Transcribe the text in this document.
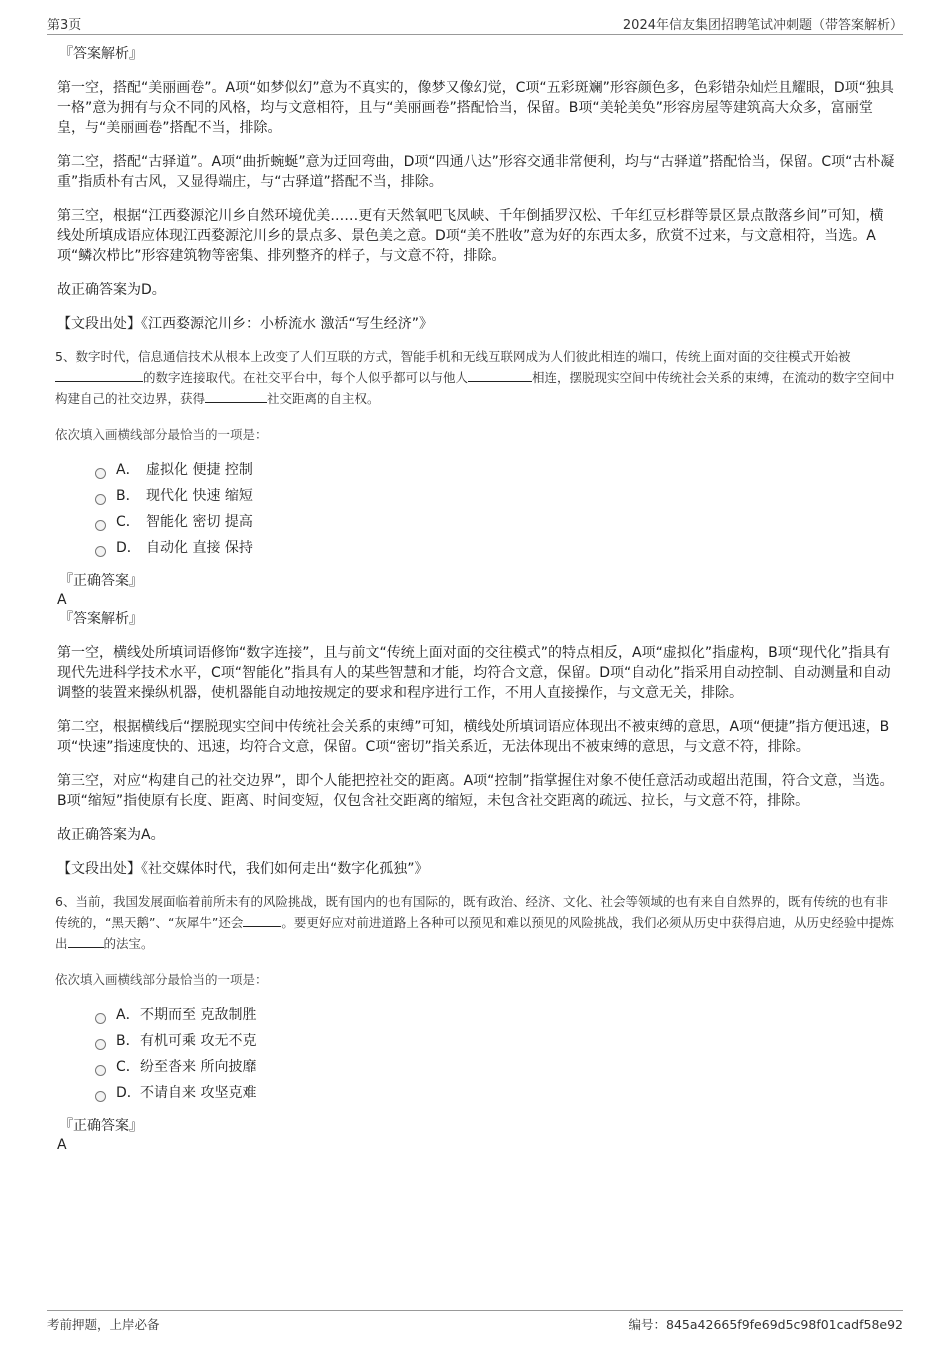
第3页	2024年信友集团招聘笔试冲刺题（带答案解析）
『答案解析』

第一空，搭配“美丽画卷”。A项“如梦似幻”意为不真实的，像梦又像幻觉，C项“五彩斑斓”形容颜色多，色彩错杂灿烂且耀眼，D项“独具一格”意为拥有与众不同的风格，均与文意相符，且与“美丽画卷”搭配恰当，保留。B项“美轮美奂”形容房屋等建筑高大众多，富丽堂皇，与“美丽画卷”搭配不当，排除。

第二空，搭配“古驿道”。A项“曲折蜿蜒”意为迂回弯曲，D项“四通八达”形容交通非常便利，均与“古驿道”搭配恰当，保留。C项“古朴凝重”指质朴有古风，又显得端庄，与“古驿道”搭配不当，排除。

第三空，根据“江西婺源沱川乡自然环境优美……更有天然氧吧飞凤峡、千年倒插罗汉松、千年红豆杉群等景区景点散落乡间”可知，横线处所填成语应体现江西婺源沱川乡的景点多、景色美之意。D项“美不胜收”意为好的东西太多，欣赏不过来，与文意相符，当选。A项“鳞次栉比”形容建筑物等密集、排列整齐的样子，与文意不符，排除。

故正确答案为D。

【文段出处】《江西婺源沱川乡：小桥流水 激活“写生经济”》

5、数字时代，信息通信技术从根本上改变了人们互联的方式，智能手机和无线互联网成为人们彼此相连的端口，传统上面对面的交往模式开始被的数字连接取代。在社交平台中，每个人似乎都可以与他人	相连，摆脱现实空间中传统社会关系的束缚，在流动的数字空间中构建自己的社交边界，获得	社交距离的自主权。

依次填入画横线部分最恰当的一项是：

A． 虚拟化 便捷 控制
B． 现代化 快速 缩短
C． 智能化 密切 提高
D． 自动化 直接 保持
『正确答案』
A
『答案解析』

第一空，横线处所填词语修饰“数字连接”，且与前文“传统上面对面的交往模式”的特点相反，A项“虚拟化”指虚构，B项“现代化”指具有现代先进科学技术水平，C项“智能化”指具有人的某些智慧和才能，均符合文意，保留。D项“自动化”指采用自动控制、自动测量和自动调整的装置来操纵机器，使机器能自动地按规定的要求和程序进行工作，不用人直接操作，与文意无关，排除。

第二空，根据横线后“摆脱现实空间中传统社会关系的束缚”可知，横线处所填词语应体现出不被束缚的意思，A项“便捷”指方便迅速，B项“快速”指速度快的、迅速，均符合文意，保留。C项“密切”指关系近，无法体现出不被束缚的意思，与文意不符，排除。

第三空，对应“构建自己的社交边界”，即个人能把控社交的距离。A项“控制”指掌握住对象不使任意活动或超出范围，符合文意，当选。B项“缩短”指使原有长度、距离、时间变短，仅包含社交距离的缩短，未包含社交距离的疏远、拉长，与文意不符，排除。

故正确答案为A。

【文段出处】《社交媒体时代，我们如何走出“数字化孤独”》

6、当前，我国发展面临着前所未有的风险挑战，既有国内的也有国际的，既有政治、经济、文化、社会等领域的也有来自自然界的，既有传统的也有非传统的，“黑天鹅”、“灰犀牛”还会	。要更好应对前进道路上各种可以预见和难以预见的风险挑战，我们必须从历史中获得启迪，从历史经验中提炼出	的法宝。

依次填入画横线部分最恰当的一项是：

A． 不期而至 克敌制胜
B． 有机可乘 攻无不克
C． 纷至沓来 所向披靡
D． 不请自来 攻坚克难
『正确答案』
A
考前押题，上岸必备	编号：845a42665f9fe69d5c98f01cadf58e92
